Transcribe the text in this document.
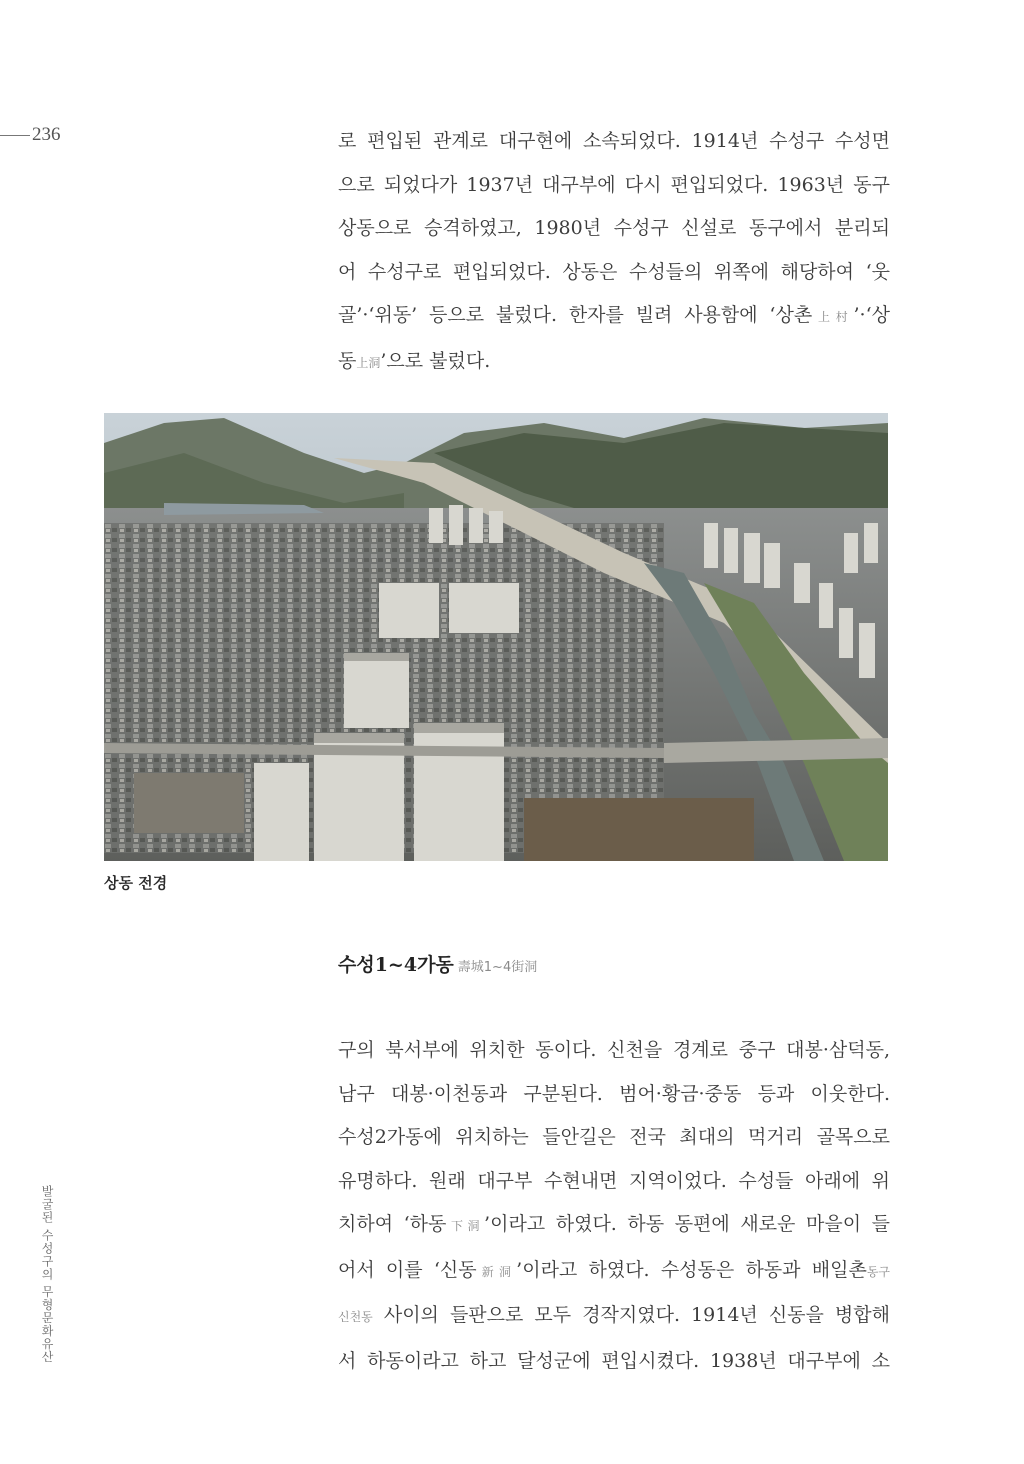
236	로 편입된 관계로 대구현에 소속되었다. 1914년 수성구 수성면
으로 되었다가 1937년 대구부에 다시 편입되었다. 1963년 동구
상동으로 승격하였고, 1980년 수성구 신설로 동구에서 분리되
어 수성구로 편입되었다. 상동은 수성들의 위쪽에 해당하여 ‘웃
골’·‘위동’ 등으로 불렀다. 한자를 빌려 사용함에 ‘상촌上村’·‘상
동上洞’으로 불렀다.

상동 전경

수성1~4가동 壽城1~4街洞

구의 북서부에 위치한 동이다. 신천을 경계로 중구 대봉·삼덕동,
남구 대봉·이천동과 구분된다. 범어·황금·중동 등과 이웃한다.
수성2가동에 위치하는 들안길은 전국 최대의 먹거리 골목으로
유명하다. 원래 대구부 수현내면 지역이었다. 수성들 아래에 위
치하여 ‘하동下洞’이라고 하였다. 하동 동편에 새로운 마을이 들
어서 이를 ‘신동新洞’이라고 하였다. 수성동은 하동과 배일촌동구
신천동 사이의 들판으로 모두 경작지였다. 1914년 신동을 병합해
서 하동이라고 하고 달성군에 편입시켰다. 1938년 대구부에 소

발굴된 수성구의 무형문화유산
